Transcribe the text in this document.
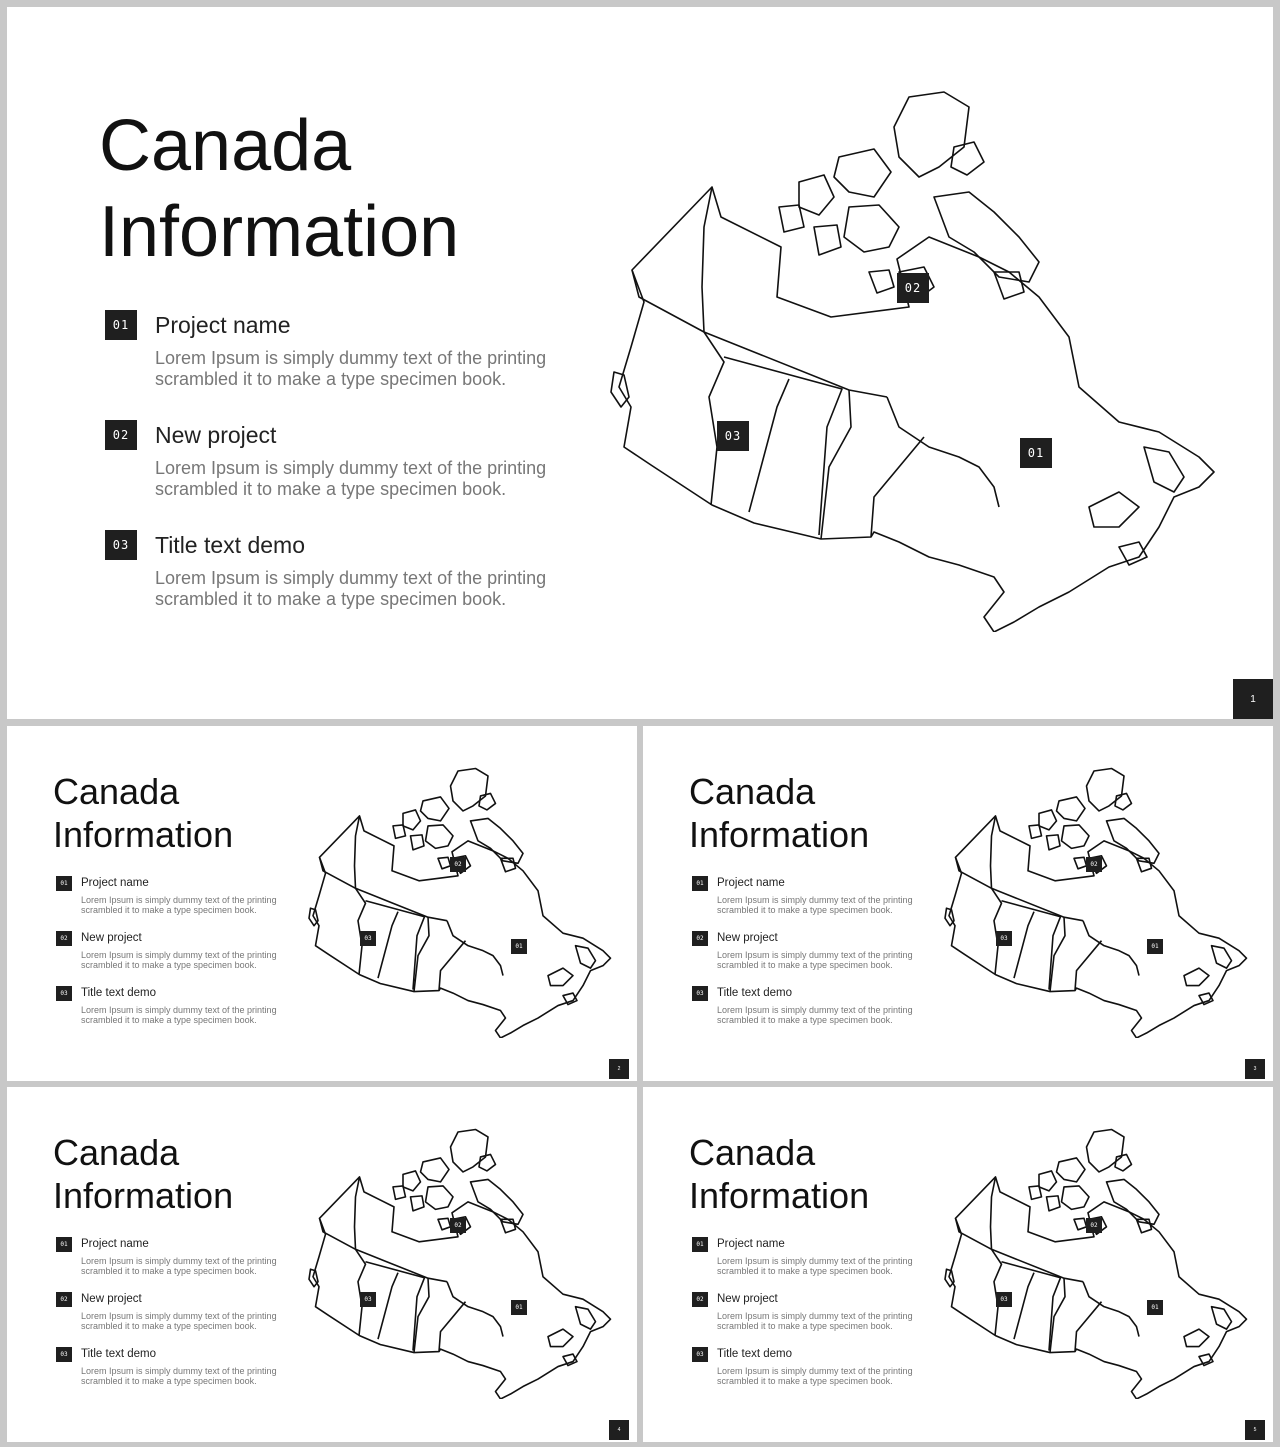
Canada
Information
01	Project name

Lorem Ipsum is simply dummy text of the printing scrambled it to make a type specimen book.

02	New project

Lorem Ipsum is simply dummy text of the printing scrambled it to make a type specimen book.

03	Title text demo

Lorem Ipsum is simply dummy text of the printing scrambled it to make a type specimen book.

02
03
01
1
Canada
Information
01	Project name

Lorem Ipsum is simply dummy text of the printing scrambled it to make a type specimen book.

02	New project

Lorem Ipsum is simply dummy text of the printing scrambled it to make a type specimen book.

03	Title text demo

Lorem Ipsum is simply dummy text of the printing scrambled it to make a type specimen book.

02
03
01
2
Canada
Information
01	Project name

Lorem Ipsum is simply dummy text of the printing scrambled it to make a type specimen book.

02	New project

Lorem Ipsum is simply dummy text of the printing scrambled it to make a type specimen book.

03	Title text demo

Lorem Ipsum is simply dummy text of the printing scrambled it to make a type specimen book.

02
03
01
3
Canada
Information
01	Project name

Lorem Ipsum is simply dummy text of the printing scrambled it to make a type specimen book.

02	New project

Lorem Ipsum is simply dummy text of the printing scrambled it to make a type specimen book.

03	Title text demo

Lorem Ipsum is simply dummy text of the printing scrambled it to make a type specimen book.

02
03
01
4
Canada
Information
01	Project name

Lorem Ipsum is simply dummy text of the printing scrambled it to make a type specimen book.

02	New project

Lorem Ipsum is simply dummy text of the printing scrambled it to make a type specimen book.

03	Title text demo

Lorem Ipsum is simply dummy text of the printing scrambled it to make a type specimen book.

02
03
01
5
